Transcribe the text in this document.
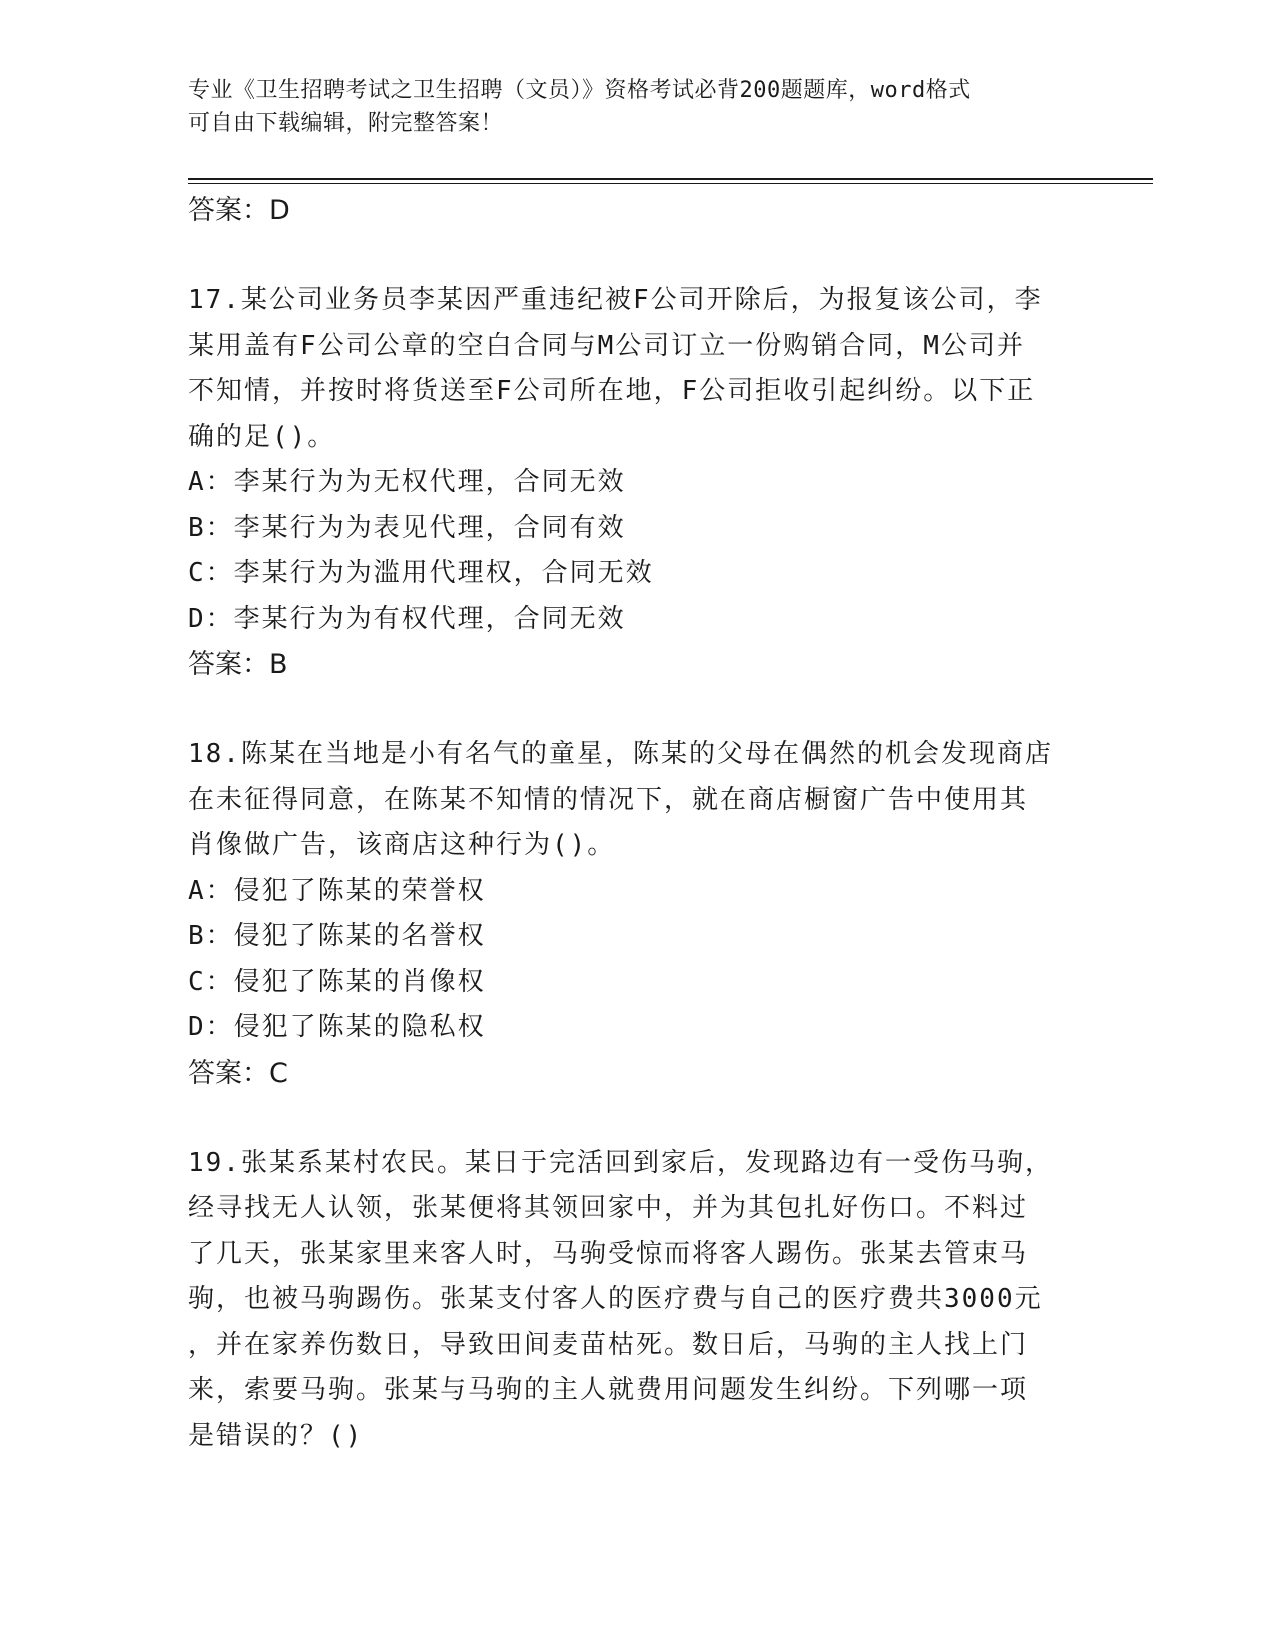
专业《卫生招聘考试之卫生招聘（文员）》资格考试必背200题题库，word格式
可自由下载编辑，附完整答案！
答案：D
17.某公司业务员李某因严重违纪被F公司开除后，为报复该公司，李
某用盖有F公司公章的空白合同与M公司订立一份购销合同，M公司并
不知情，并按时将货送至F公司所在地，F公司拒收引起纠纷。以下正
确的足()。
A：李某行为为无权代理，合同无效
B：李某行为为表见代理，合同有效
C：李某行为为滥用代理权，合同无效
D：李某行为为有权代理，合同无效
答案：B
18.陈某在当地是小有名气的童星，陈某的父母在偶然的机会发现商店
在未征得同意，在陈某不知情的情况下，就在商店橱窗广告中使用其
肖像做广告，该商店这种行为()。
A：侵犯了陈某的荣誉权
B：侵犯了陈某的名誉权
C：侵犯了陈某的肖像权
D：侵犯了陈某的隐私权
答案：C
19.张某系某村农民。某日于完活回到家后，发现路边有一受伤马驹，
经寻找无人认领，张某便将其领回家中，并为其包扎好伤口。不料过
了几天，张某家里来客人时，马驹受惊而将客人踢伤。张某去管束马
驹，也被马驹踢伤。张某支付客人的医疗费与自己的医疗费共3000元
，并在家养伤数日，导致田间麦苗枯死。数日后，马驹的主人找上门
来，索要马驹。张某与马驹的主人就费用问题发生纠纷。下列哪一项
是错误的？()
